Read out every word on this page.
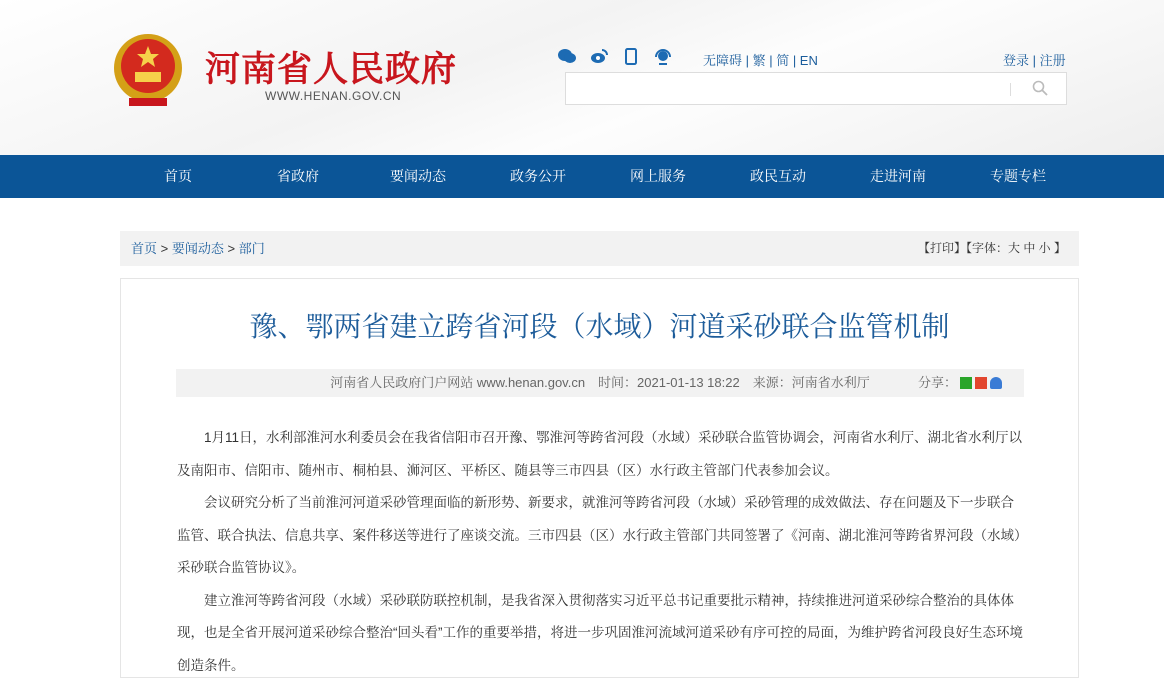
河南省人民政府
WWW.HENAN.GOV.CN
无障碍 | 繁 | 简 | EN	登录 | 注册
首页	省政府	要闻动态	政务公开	网上服务	政民互动	走进河南	专题专栏
首页 > 要闻动态 > 部门	【打印】【字体：大 中 小 】
豫、鄂两省建立跨省河段（水域）河道采砂联合监管机制
河南省人民政府门户网站 www.henan.gov.cn　时间：2021-01-13 18:22　来源：河南省水利厅	分享：

1月11日，水利部淮河水利委员会在我省信阳市召开豫、鄂淮河等跨省河段（水域）采砂联合监管协调会，河南省水利厅、湖北省水利厅以及南阳市、信阳市、随州市、桐柏县、浉河区、平桥区、随县等三市四县（区）水行政主管部门代表参加会议。

会议研究分析了当前淮河河道采砂管理面临的新形势、新要求，就淮河等跨省河段（水域）采砂管理的成效做法、存在问题及下一步联合监管、联合执法、信息共享、案件移送等进行了座谈交流。三市四县（区）水行政主管部门共同签署了《河南、湖北淮河等跨省界河段（水域）采砂联合监管协议》。

建立淮河等跨省河段（水域）采砂联防联控机制，是我省深入贯彻落实习近平总书记重要批示精神，持续推进河道采砂综合整治的具体体现，也是全省开展河道采砂综合整治“回头看”工作的重要举措，将进一步巩固淮河流域河道采砂有序可控的局面，为维护跨省河段良好生态环境创造条件。
